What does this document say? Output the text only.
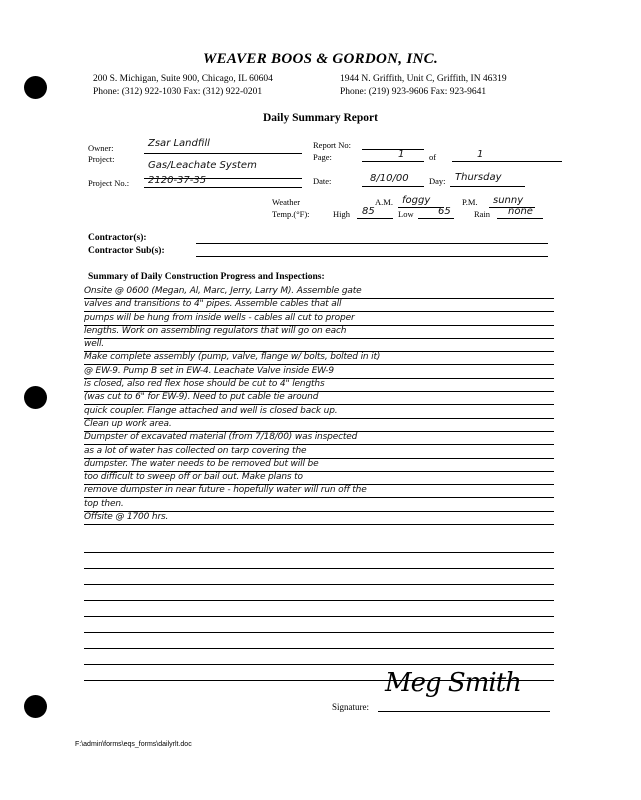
WEAVER BOOS & GORDON, INC.
200 S. Michigan, Suite 900, Chicago, IL 60604
Phone: (312) 922-1030 Fax: (312) 922-0201
1944 N. Griffith, Unit C, Griffith, IN 46319
Phone: (219) 923-9606 Fax: 923-9641
Daily Summary Report
Owner:	Zsar Landfill
Project:
Gas/Leachate System
Project No.: 2120-37-35
Report No:
Page:	1	of	1
Date:	8/10/00 Day: Thursday
Weather	A.M. foggy	P.M. sunny
Temp.(°F):	High 85	Low 65	Rain none
Contractor(s):
Contractor Sub(s):
Summary of Daily Construction Progress and Inspections:
Onsite @ 0600 (Megan, Al, Marc, Jerry, Larry M). Assemble gate
valves and transitions to 4" pipes. Assemble cables that all
pumps will be hung from inside wells - cables all cut to proper
lengths. Work on assembling regulators that will go on each
well.
Make complete assembly (pump, valve, flange w/ bolts, bolted in it)
@ EW-9. Pump B set in EW-4. Leachate Valve inside EW-9
is closed, also red flex hose should be cut to 4" lengths
(was cut to 6" for EW-9). Need to put cable tie around
quick coupler. Flange attached and well is closed back up.
Clean up work area.
Dumpster of excavated material (from 7/18/00) was inspected
as a lot of water has collected on tarp covering the
dumpster. The water needs to be removed but will be
too difficult to sweep off or bail out. Make plans to
remove dumpster in near future - hopefully water will run off the
top then.
Offsite @ 1700 hrs.
Signature:
Meg Smith
F:\admin\forms\eqs_forms\dailyrlt.doc
